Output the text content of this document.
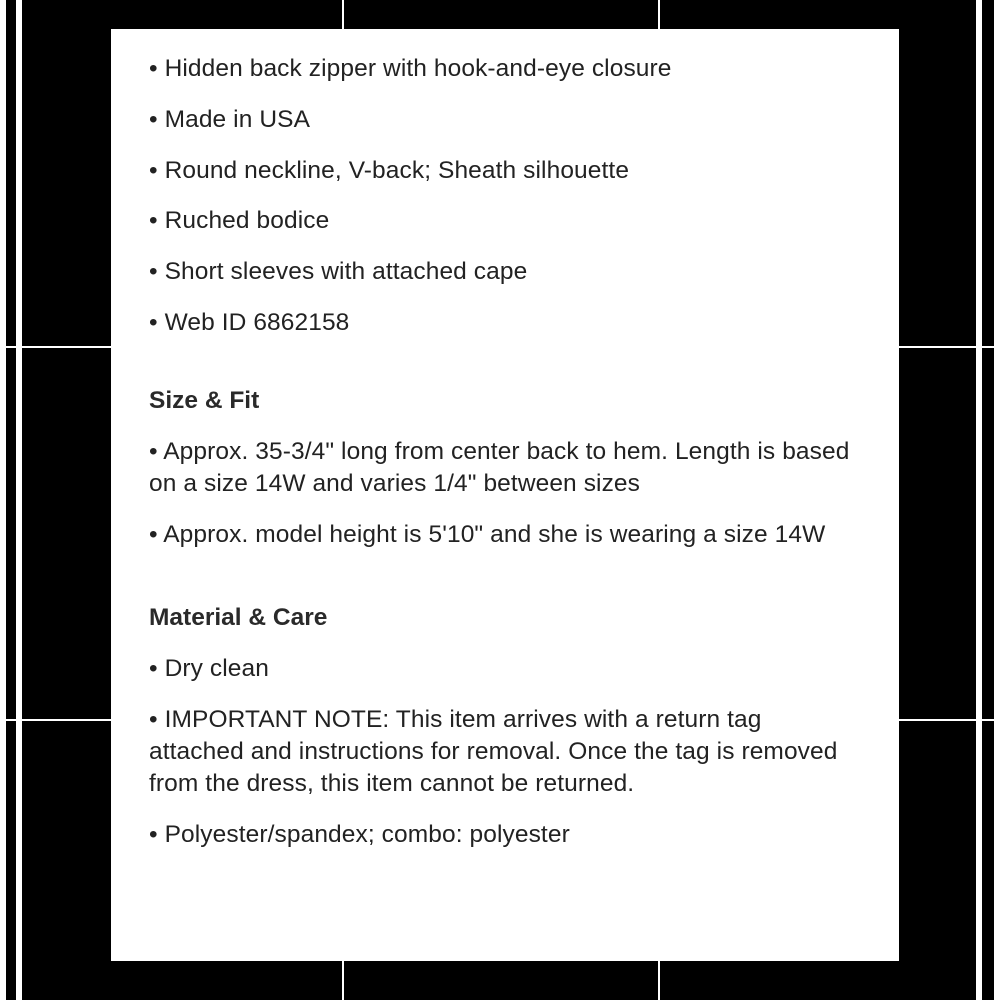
• Hidden back zipper with hook-and-eye closure

• Made in USA

• Round neckline, V-back; Sheath silhouette

• Ruched bodice

• Short sleeves with attached cape

• Web ID 6862158

Size & Fit

• Approx. 35-3/4" long from center back to hem. Length is based on a size 14W and varies 1/4" between sizes

• Approx. model height is 5'10" and she is wearing a size 14W

Material & Care

• Dry clean

• IMPORTANT NOTE: This item arrives with a return tag attached and instructions for removal. Once the tag is removed from the dress, this item cannot be returned.

• Polyester/spandex; combo: polyester
